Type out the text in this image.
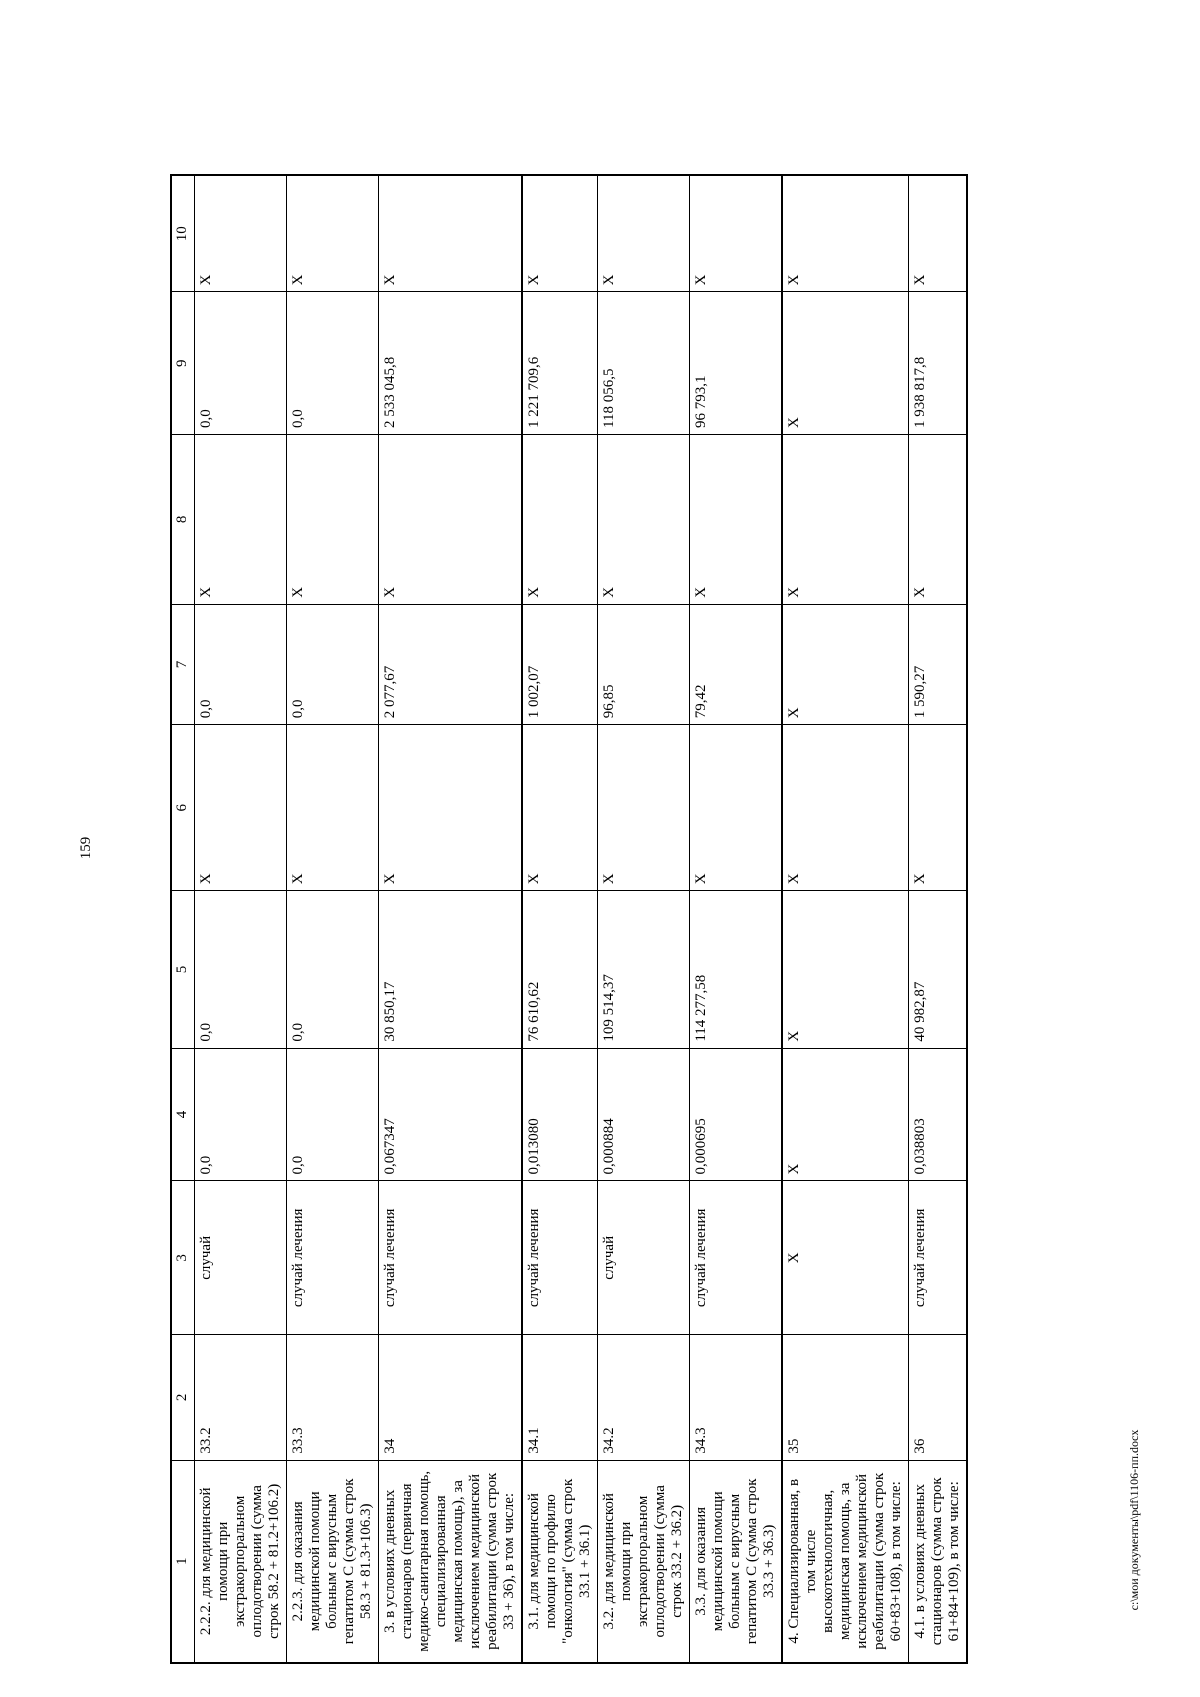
159
1	2	3	4	5	6	7	8	9	10
2.2.2. для медицинской помощи при экстракорпоральном оплодотворении (сумма строк 58.2 + 81.2+106.2)	33.2	случай	0,0	0,0	Х	0,0	Х	0,0	Х
2.2.3. для оказания медицинской помощи больным с вирусным гепатитом С (сумма строк 58.3 + 81.3+106.3)	33.3	случай лечения	0,0	0,0	Х	0,0	Х	0,0	Х
3. в условиях дневных стационаров (первичная медико-санитарная помощь, специализированная медицинская помощь), за исключением медицинской реабилитации (сумма строк 33 + 36), в том числе:	34	случай лечения	0,067347	30 850,17	Х	2 077,67	Х	2 533 045,8	Х
3.1. для медицинской помощи по профилю "онкология" (сумма строк 33.1 + 36.1)	34.1	случай лечения	0,013080	76 610,62	Х	1 002,07	Х	1 221 709,6	Х
3.2. для медицинской помощи при экстракорпоральном оплодотворении (сумма строк 33.2 + 36.2)	34.2	случай	0,000884	109 514,37	Х	96,85	Х	118 056,5	Х
3.3. для оказания медицинской помощи больным с вирусным гепатитом С (сумма строк 33.3 + 36.3)	34.3	случай лечения	0,000695	114 277,58	Х	79,42	Х	96 793,1	Х
4. Специализированная, в том числе высокотехнологичная, медицинская помощь, за исключением медицинской реабилитации (сумма строк 60+83+108), в том числе:	35	Х	Х	Х	Х	Х	Х	Х	Х
4.1. в условиях дневных стационаров (сумма строк 61+84+109), в том числе:	36	случай лечения	0,038803	40 982,87	Х	1 590,27	Х	1 938 817,8	Х
c:\мои документы\pdf\1106-пп.docx
